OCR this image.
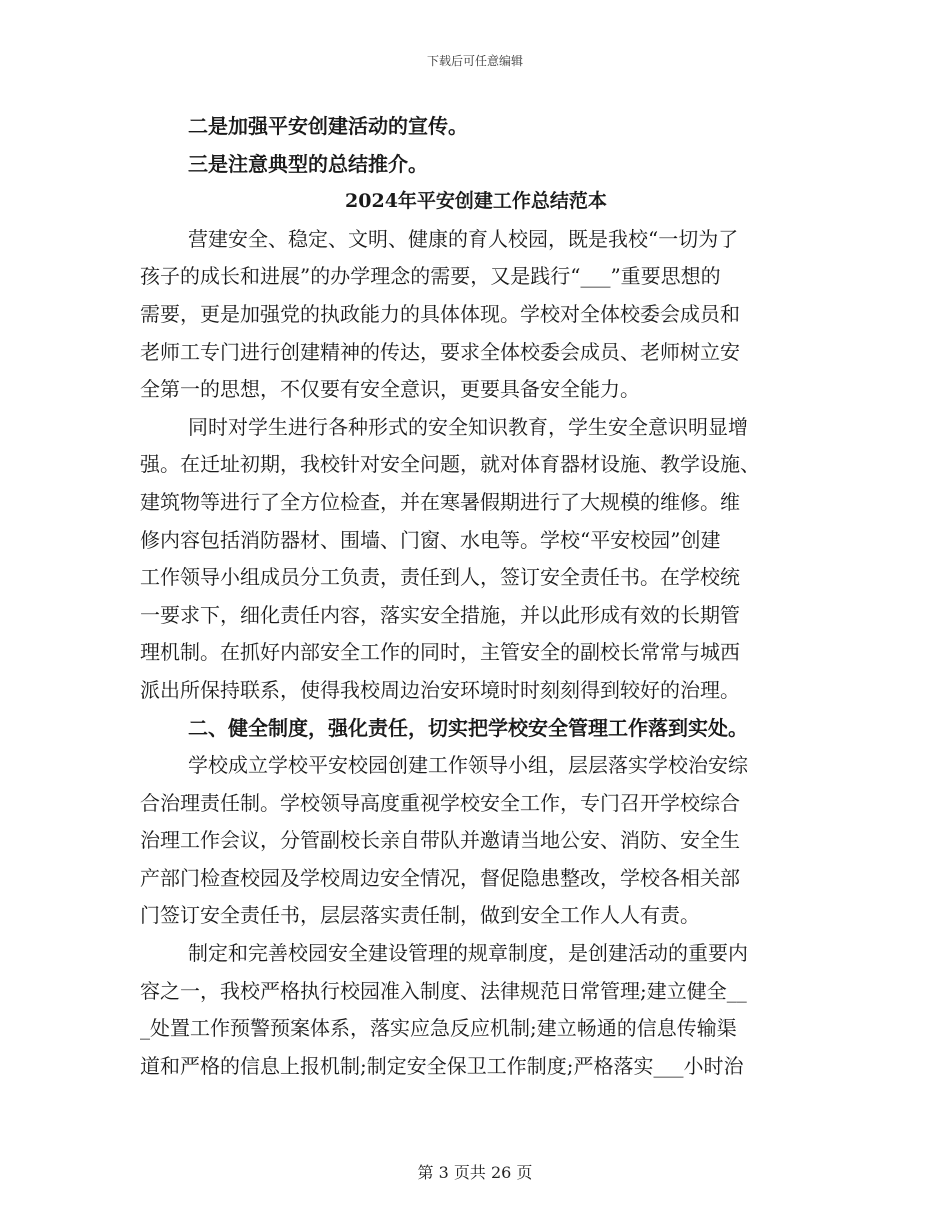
下载后可任意编辑
二是加强平安创建活动的宣传。
三是注意典型的总结推介。
2024年平安创建工作总结范本
营建安全、稳定、文明、健康的育人校园，既是我校“一切为了
孩子的成长和进展”的办学理念的需要，又是践行“___”重要思想的
需要，更是加强党的执政能力的具体体现。学校对全体校委会成员和
老师工专门进行创建精神的传达，要求全体校委会成员、老师树立安
全第一的思想，不仅要有安全意识，更要具备安全能力。
同时对学生进行各种形式的安全知识教育，学生安全意识明显增
强。在迁址初期，我校针对安全问题，就对体育器材设施、教学设施、
建筑物等进行了全方位检查，并在寒暑假期进行了大规模的维修。维
修内容包括消防器材、围墙、门窗、水电等。学校“平安校园”创建
工作领导小组成员分工负责，责任到人，签订安全责任书。在学校统
一要求下，细化责任内容，落实安全措施，并以此形成有效的长期管
理机制。在抓好内部安全工作的同时，主管安全的副校长常常与城西
派出所保持联系，使得我校周边治安环境时时刻刻得到较好的治理。
二、健全制度，强化责任，切实把学校安全管理工作落到实处。
学校成立学校平安校园创建工作领导小组，层层落实学校治安综
合治理责任制。学校领导高度重视学校安全工作，专门召开学校综合
治理工作会议，分管副校长亲自带队并邀请当地公安、消防、安全生
产部门检查校园及学校周边安全情况，督促隐患整改，学校各相关部
门签订安全责任书，层层落实责任制，做到安全工作人人有责。
制定和完善校园安全建设管理的规章制度，是创建活动的重要内
容之一，我校严格执行校园准入制度、法律规范日常管理;建立健全__
_处置工作预警预案体系，落实应急反应机制;建立畅通的信息传输渠
道和严格的信息上报机制;制定安全保卫工作制度;严格落实___小时治
第 3 页共 26 页
